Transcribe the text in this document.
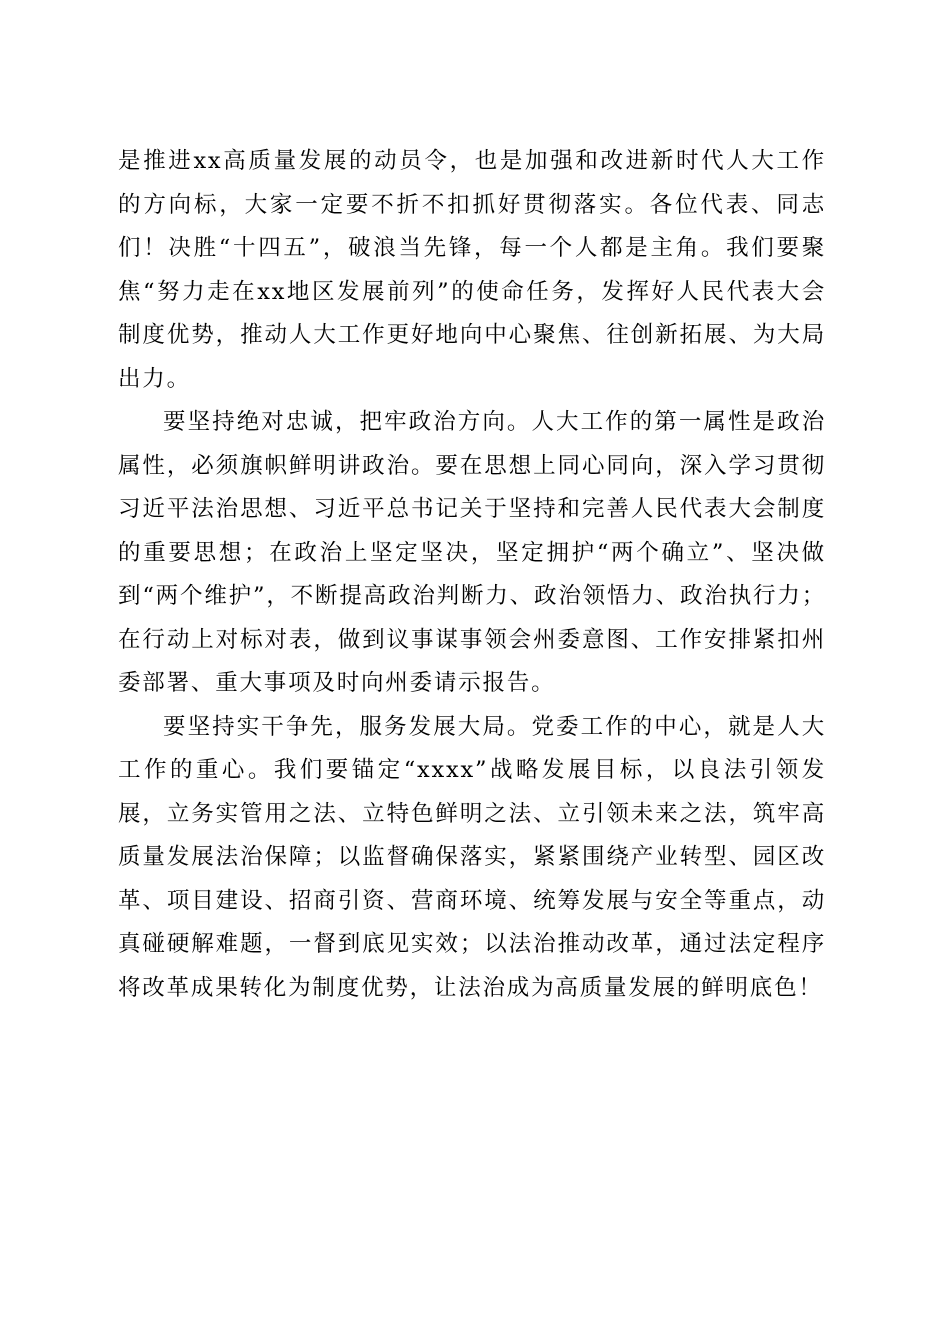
是推进xx高质量发展的动员令，也是加强和改进新时代人大工作的方向标，大家一定要不折不扣抓好贯彻落实。各位代表、同志们！决胜“十四五”，破浪当先锋，每一个人都是主角。我们要聚焦“努力走在xx地区发展前列”的使命任务，发挥好人民代表大会制度优势，推动人大工作更好地向中心聚焦、往创新拓展、为大局出力。

要坚持绝对忠诚，把牢政治方向。人大工作的第一属性是政治属性，必须旗帜鲜明讲政治。要在思想上同心同向，深入学习贯彻习近平法治思想、习近平总书记关于坚持和完善人民代表大会制度的重要思想；在政治上坚定坚决，坚定拥护“两个确立”、坚决做到“两个维护”，不断提高政治判断力、政治领悟力、政治执行力；在行动上对标对表，做到议事谋事领会州委意图、工作安排紧扣州委部署、重大事项及时向州委请示报告。

要坚持实干争先，服务发展大局。党委工作的中心，就是人大工作的重心。我们要锚定“xxxx”战略发展目标，以良法引领发展，立务实管用之法、立特色鲜明之法、立引领未来之法，筑牢高质量发展法治保障；以监督确保落实，紧紧围绕产业转型、园区改革、项目建设、招商引资、营商环境、统筹发展与安全等重点，动真碰硬解难题，一督到底见实效；以法治推动改革，通过法定程序将改革成果转化为制度优势，让法治成为高质量发展的鲜明底色！
